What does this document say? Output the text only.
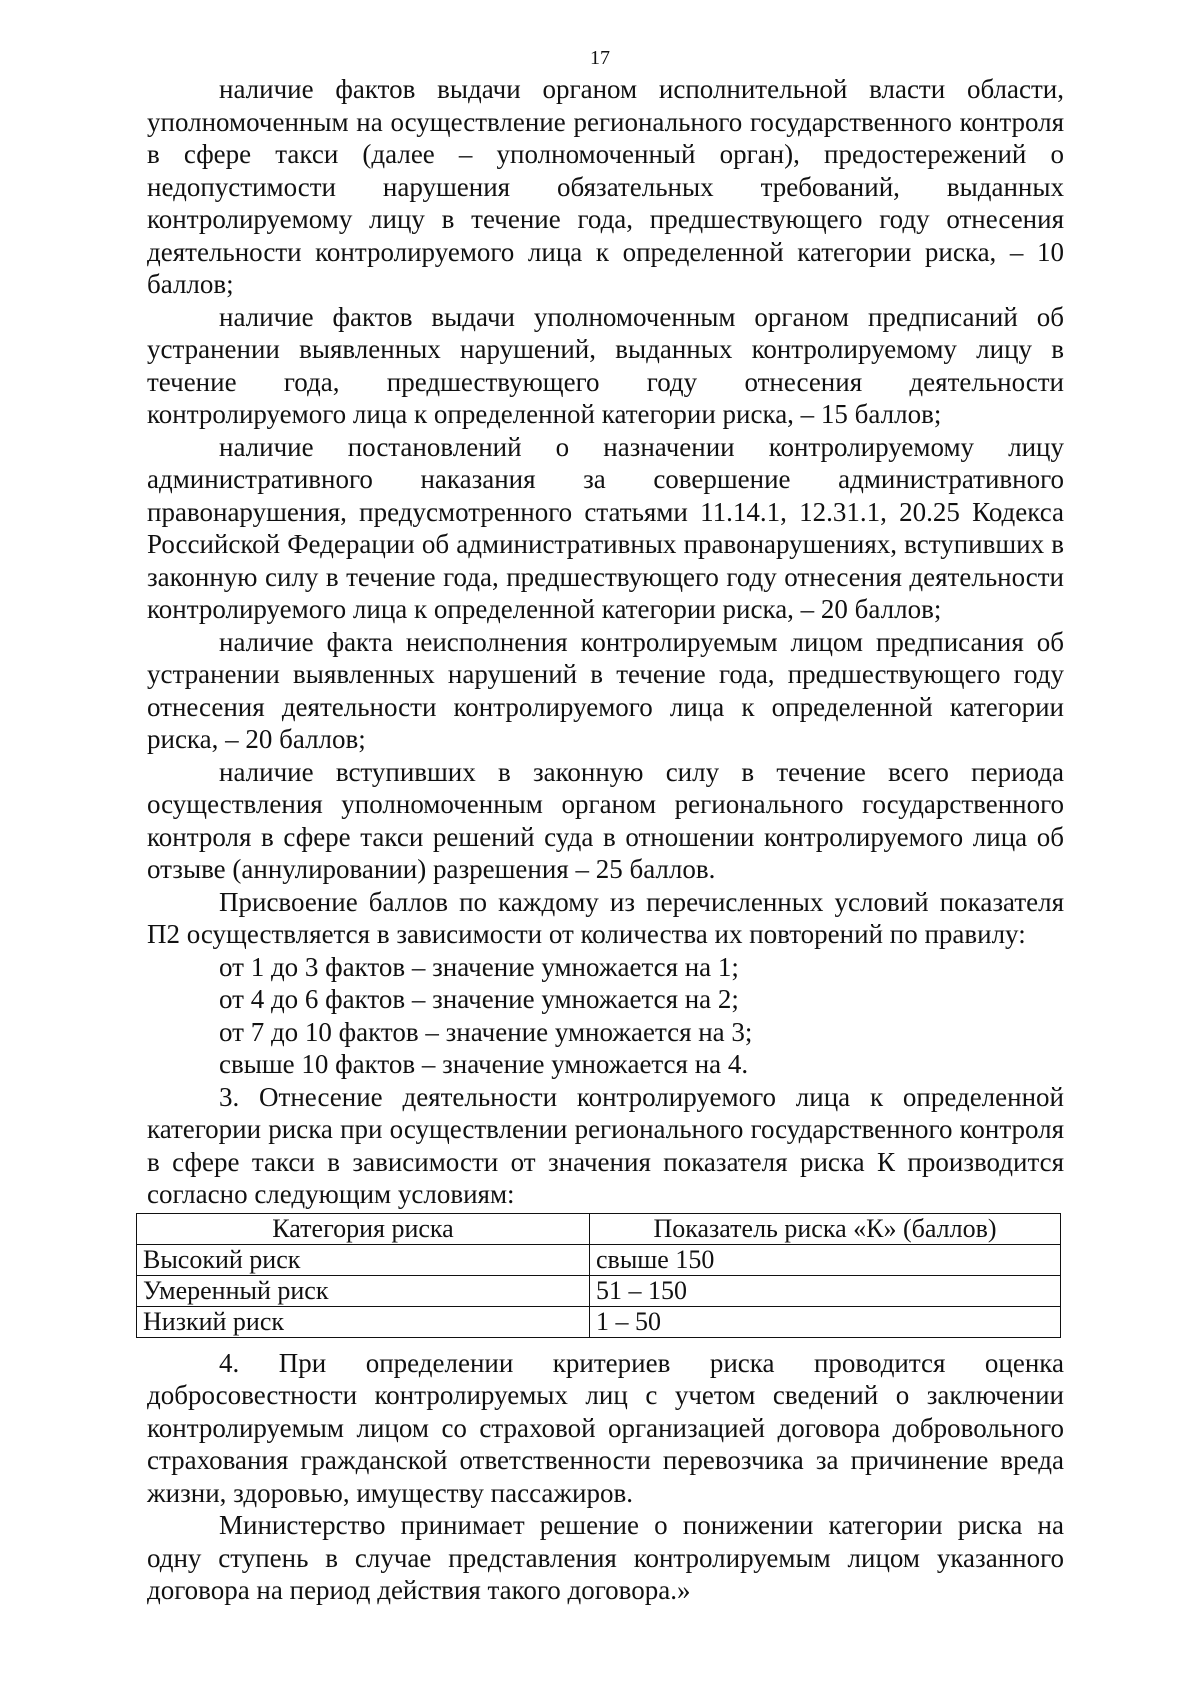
17

наличие фактов выдачи органом исполнительной власти области, уполномоченным на осуществление регионального государственного контроля в сфере такси (далее – уполномоченный орган), предостережений о недопустимости нарушения обязательных требований, выданных контролируемому лицу в течение года, предшествующего году отнесения деятельности контролируемого лица к определенной категории риска, – 10 баллов;

наличие фактов выдачи уполномоченным органом предписаний об устранении выявленных нарушений, выданных контролируемому лицу в течение года, предшествующего году отнесения деятельности контролируемого лица к определенной категории риска, – 15 баллов;

наличие постановлений о назначении контролируемому лицу административного наказания за совершение административного правонарушения, предусмотренного статьями 11.14.1, 12.31.1, 20.25 Кодекса Российской Федерации об административных правонарушениях, вступивших в законную силу в течение года, предшествующего году отнесения деятельности контролируемого лица к определенной категории риска, – 20 баллов;

наличие факта неисполнения контролируемым лицом предписания об устранении выявленных нарушений в течение года, предшествующего году отнесения деятельности контролируемого лица к определенной категории риска, – 20 баллов;

наличие вступивших в законную силу в течение всего периода осуществления уполномоченным органом регионального государственного контроля в сфере такси решений суда в отношении контролируемого лица об отзыве (аннулировании) разрешения – 25 баллов.

Присвоение баллов по каждому из перечисленных условий показателя П2 осуществляется в зависимости от количества их повторений по правилу:

от 1 до 3 фактов – значение умножается на 1;

от 4 до 6 фактов – значение умножается на 2;

от 7 до 10 фактов – значение умножается на 3;

свыше 10 фактов – значение умножается на 4.

3. Отнесение деятельности контролируемого лица к определенной категории риска при осуществлении регионального государственного контроля в сфере такси в зависимости от значения показателя риска К производится согласно следующим условиям:

Категория риска	Показатель риска «К» (баллов)
Высокий риск	свыше 150
Умеренный риск	51 – 150
Низкий риск	1 – 50

4. При определении критериев риска проводится оценка добросовестности контролируемых лиц с учетом сведений о заключении контролируемым лицом со страховой организацией договора добровольного страхования гражданской ответственности перевозчика за причинение вреда жизни, здоровью, имуществу пассажиров.

Министерство принимает решение о понижении категории риска на одну ступень в случае представления контролируемым лицом указанного договора на период действия такого договора.»
